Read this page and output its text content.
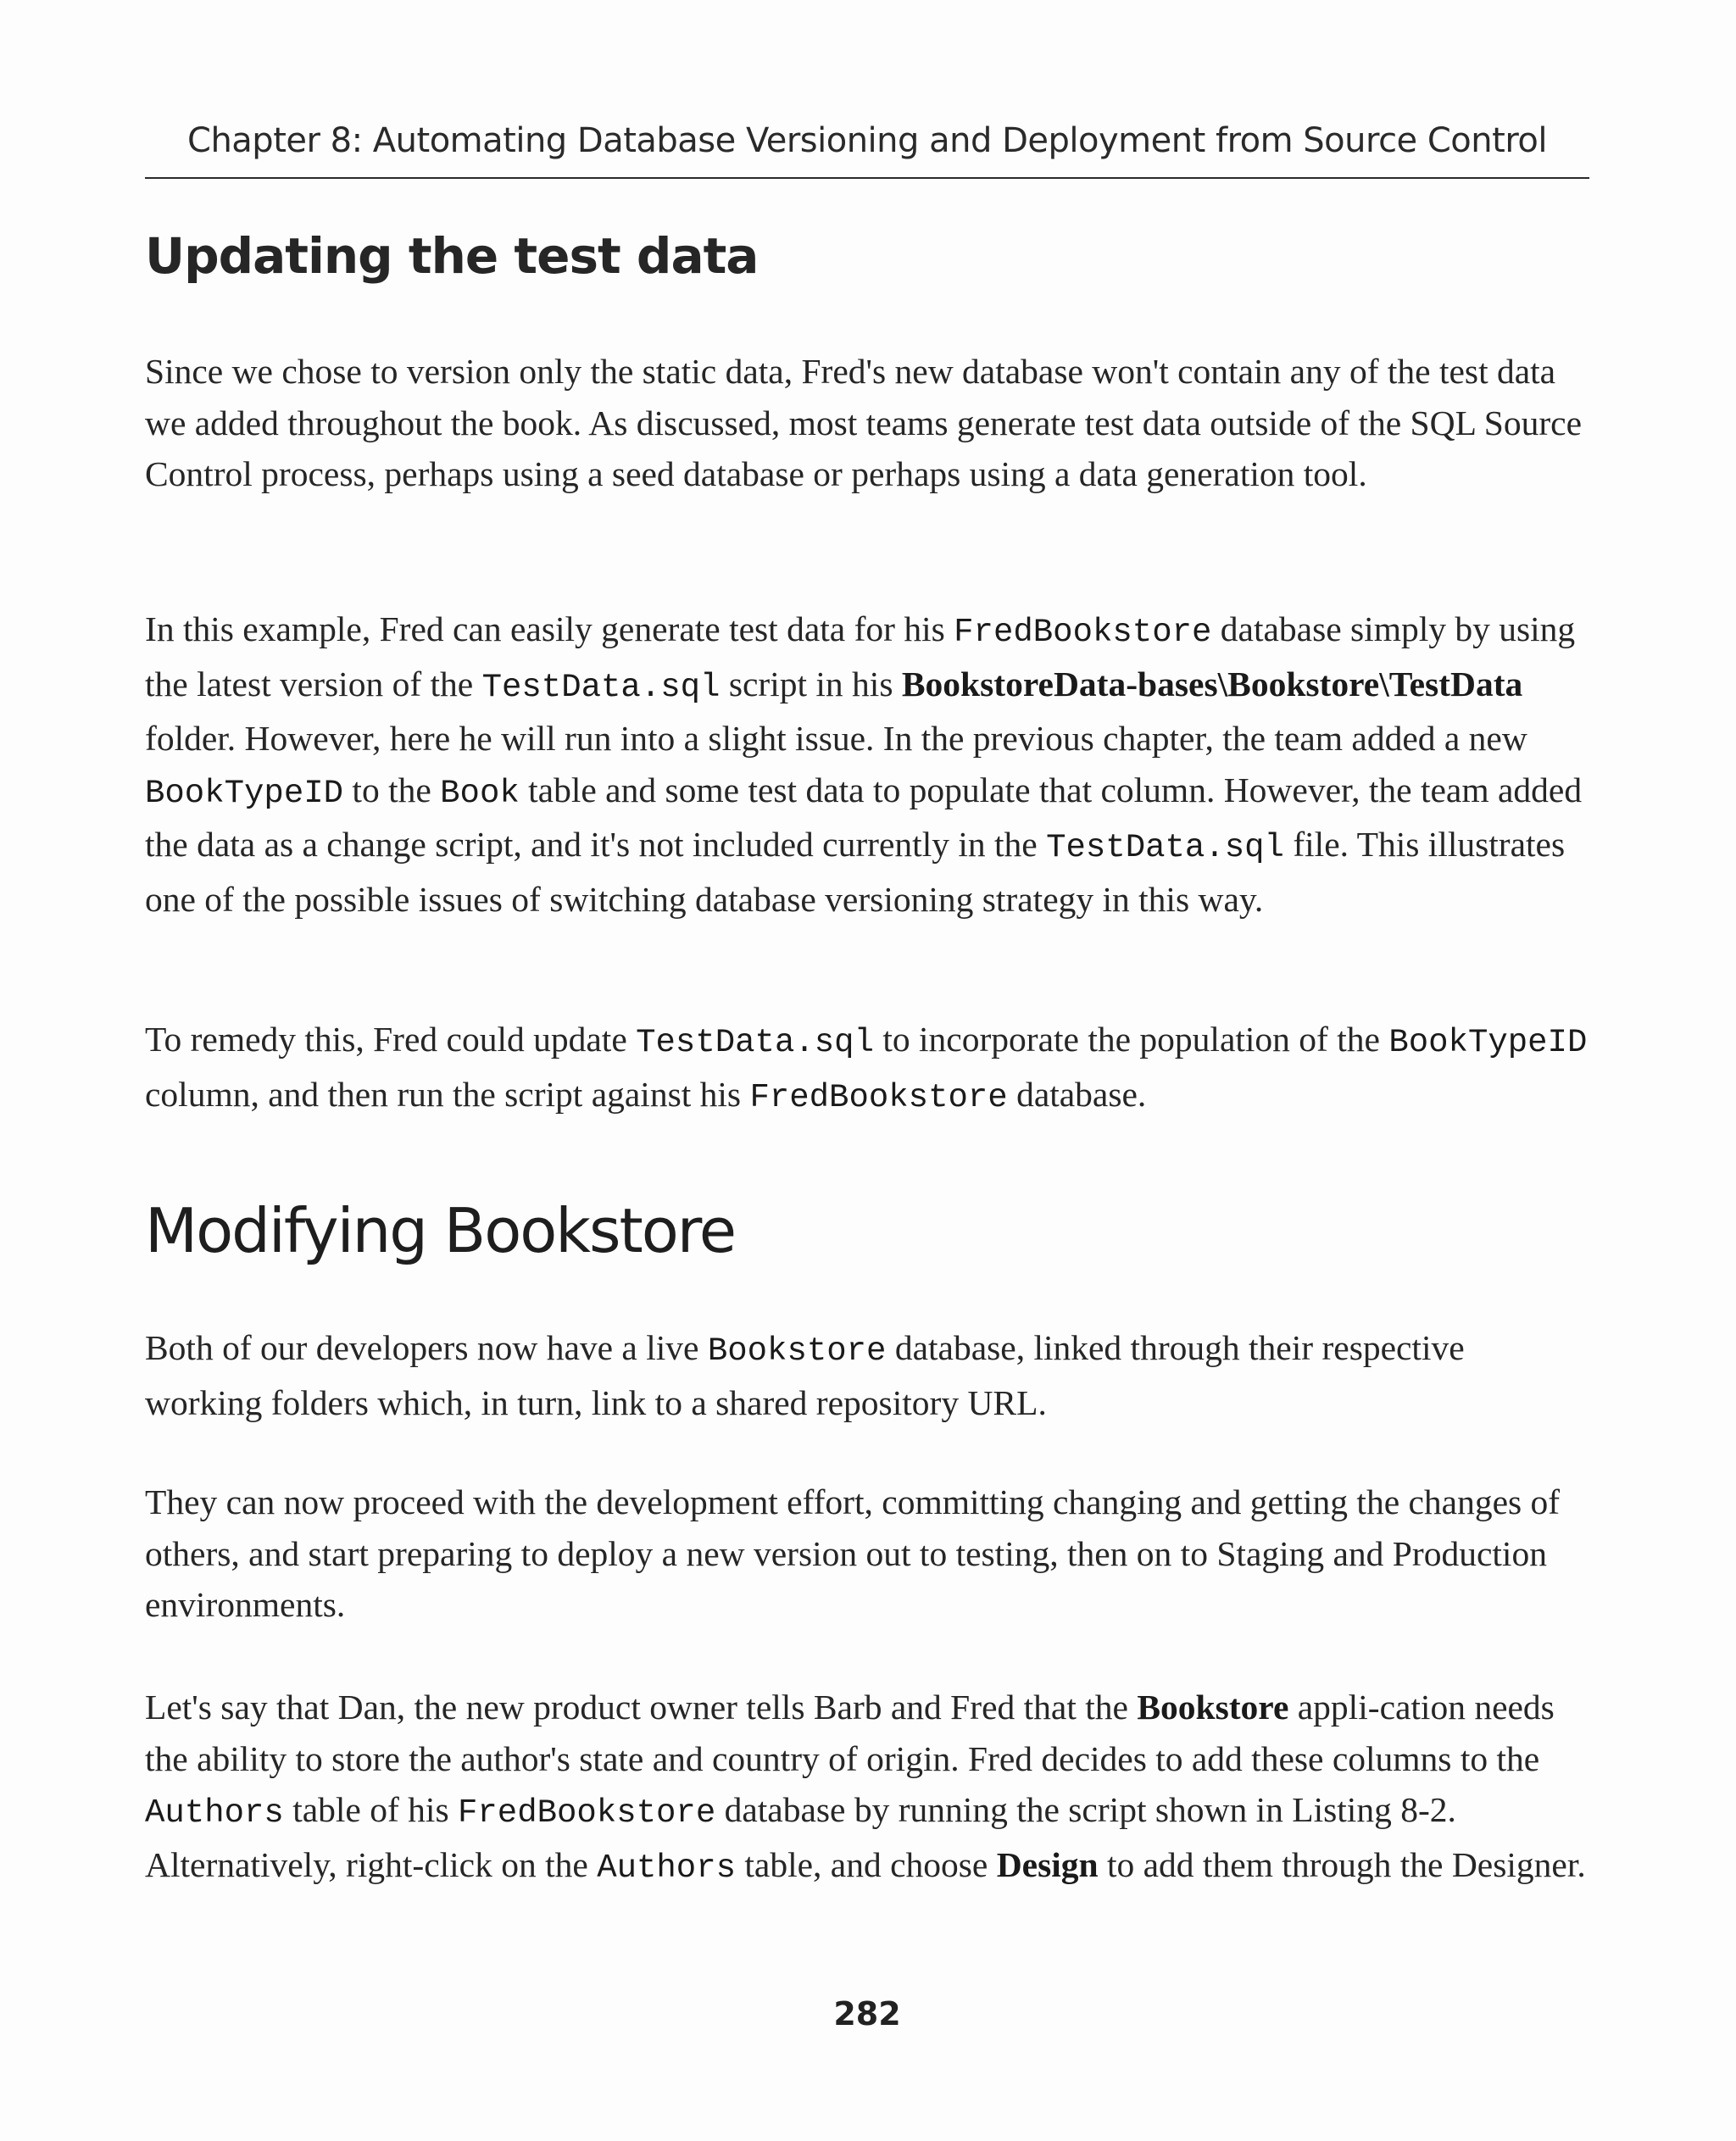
Chapter 8: Automating Database Versioning and Deployment from Source Control
Updating the test data

Since we chose to version only the static data, Fred's new database won't contain any of the test data we added throughout the book. As discussed, most teams generate test data outside of the SQL Source Control process, perhaps using a seed database or perhaps using a data generation tool.

In this example, Fred can easily generate test data for his FredBookstore database simply by using the latest version of the TestData.sql script in his BookstoreData-bases\Bookstore\TestData folder. However, here he will run into a slight issue. In the previous chapter, the team added a new BookTypeID to the Book table and some test data to populate that column. However, the team added the data as a change script, and it's not included currently in the TestData.sql file. This illustrates one of the possible issues of switching database versioning strategy in this way.

To remedy this, Fred could update TestData.sql to incorporate the population of the BookTypeID column, and then run the script against his FredBookstore database.

Modifying Bookstore

Both of our developers now have a live Bookstore database, linked through their respective working folders which, in turn, link to a shared repository URL.

They can now proceed with the development effort, committing changing and getting the changes of others, and start preparing to deploy a new version out to testing, then on to Staging and Production environments.

Let's say that Dan, the new product owner tells Barb and Fred that the Bookstore appli-cation needs the ability to store the author's state and country of origin. Fred decides to add these columns to the Authors table of his FredBookstore database by running the script shown in Listing 8-2. Alternatively, right-click on the Authors table, and choose Design to add them through the Designer.

282
